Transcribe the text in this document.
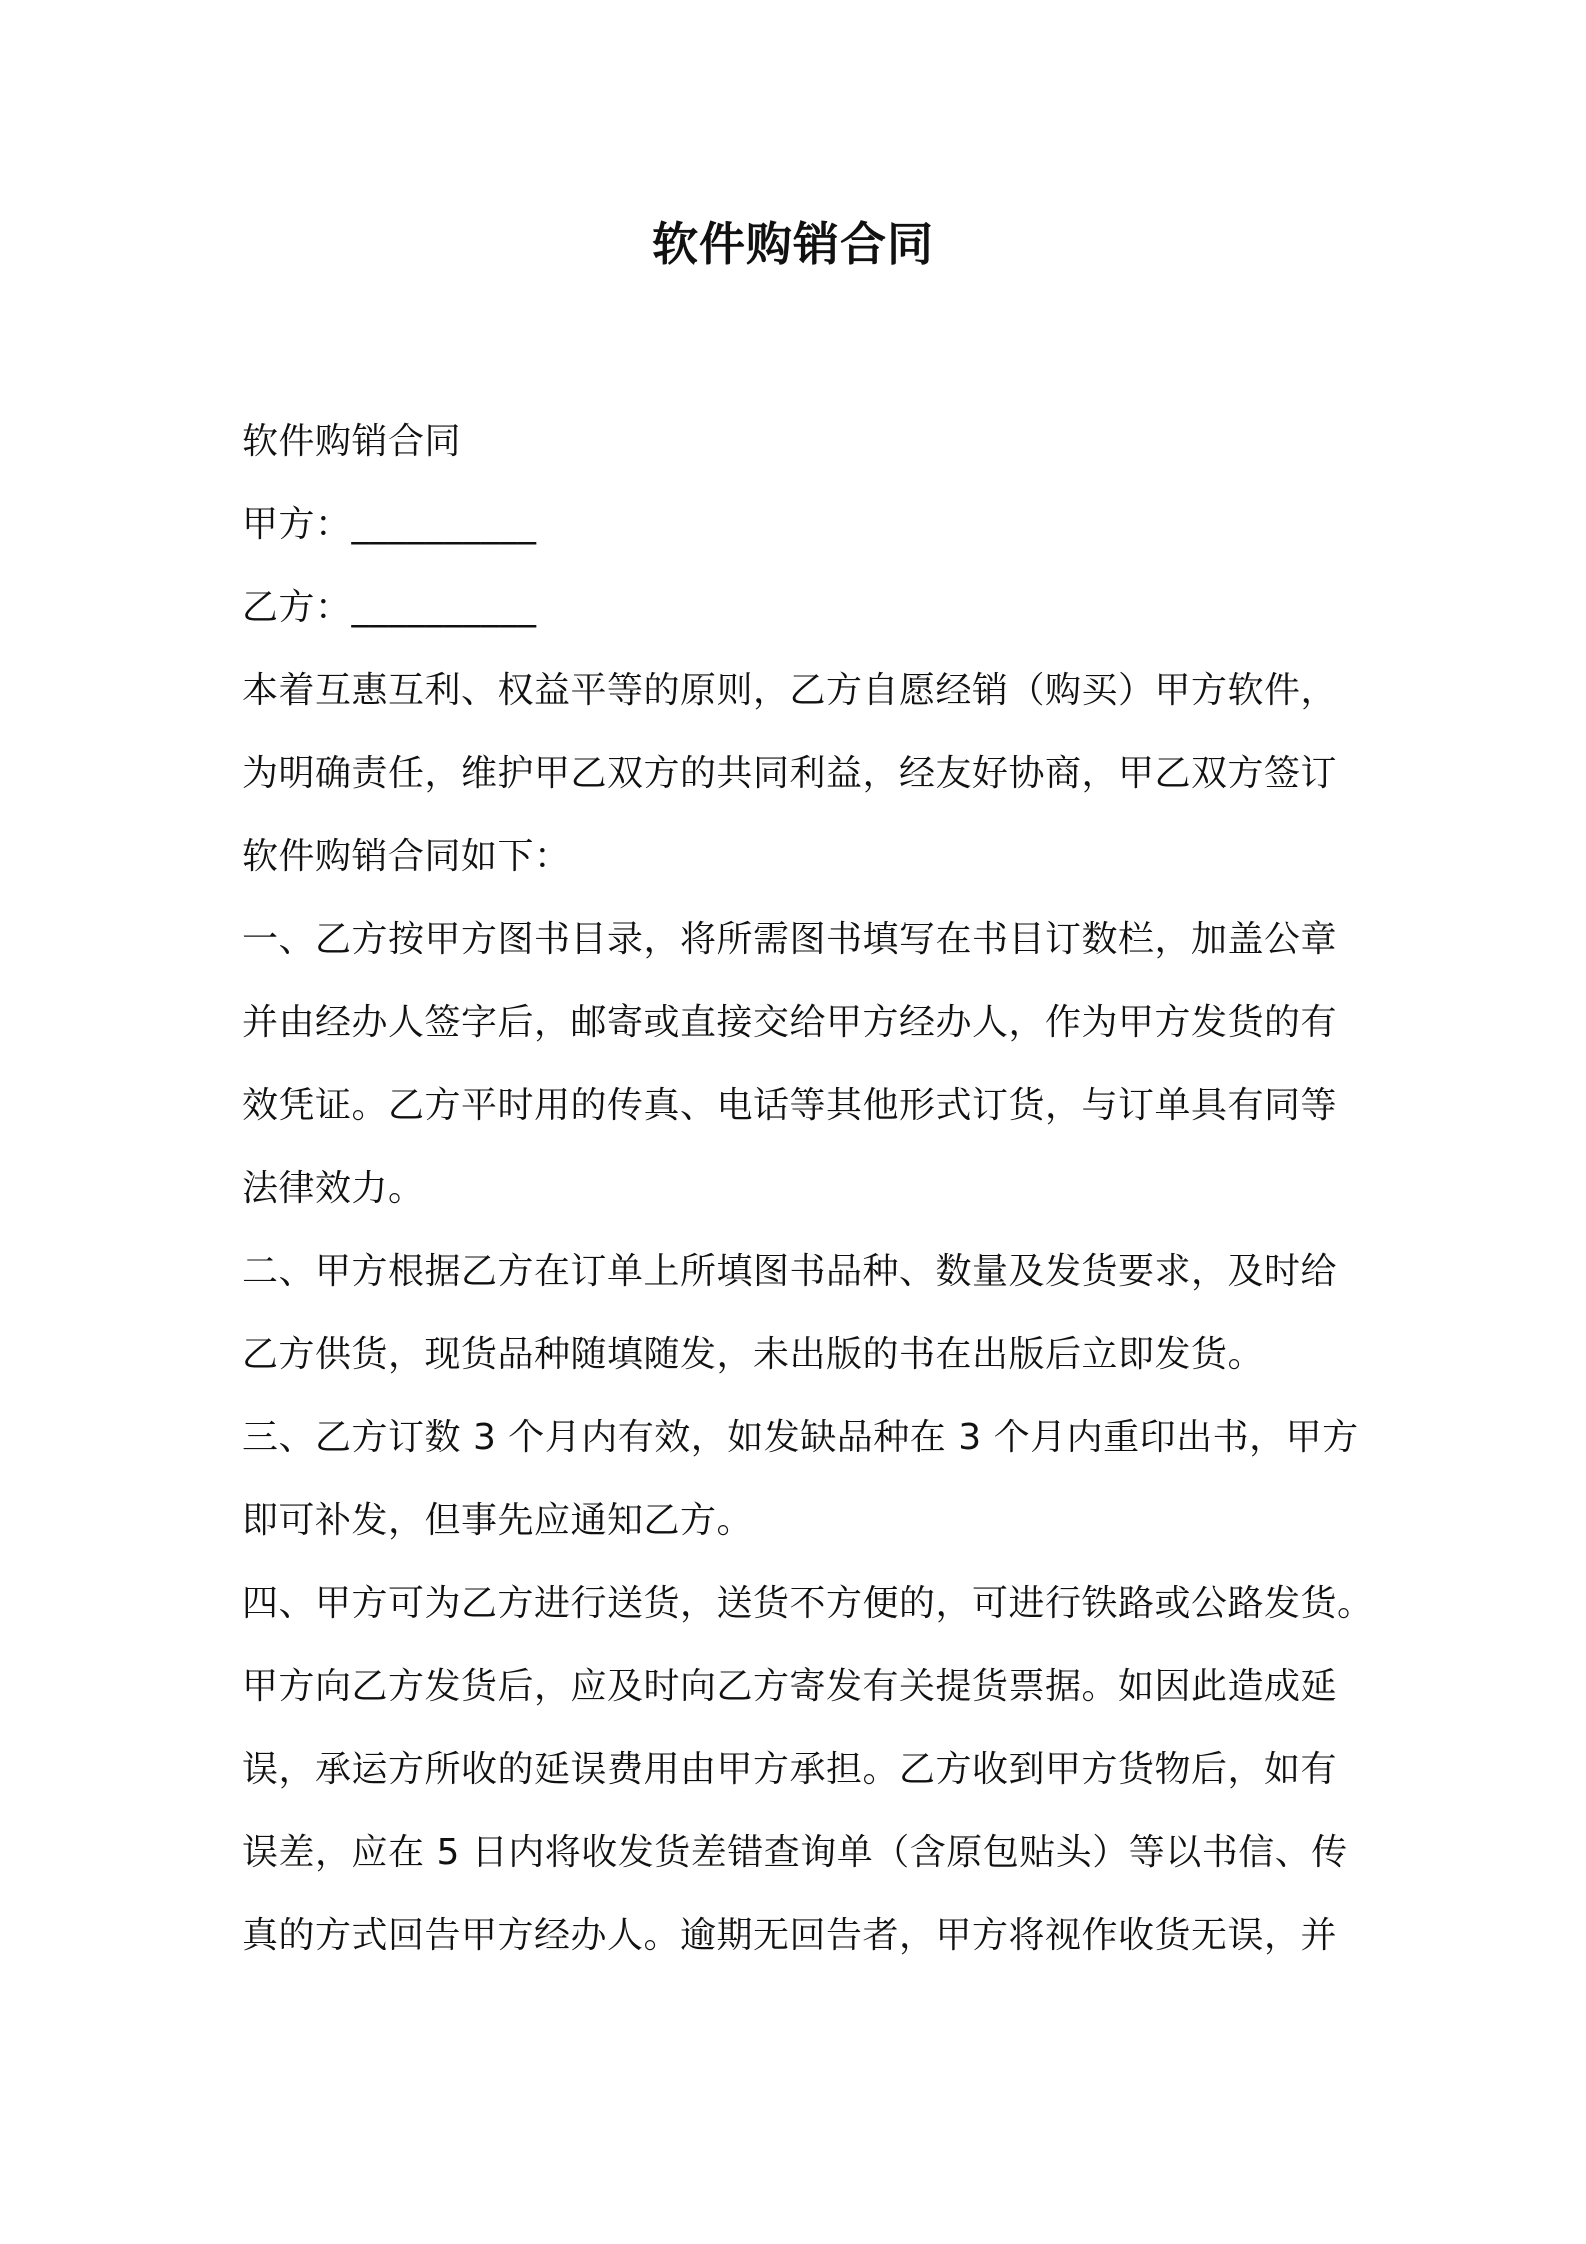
软件购销合同
软件购销合同
甲方：__________
乙方：__________
本着互惠互利、权益平等的原则，乙方自愿经销（购买）甲方软件，
为明确责任，维护甲乙双方的共同利益，经友好协商，甲乙双方签订
软件购销合同如下：
一、乙方按甲方图书目录，将所需图书填写在书目订数栏，加盖公章
并由经办人签字后，邮寄或直接交给甲方经办人，作为甲方发货的有
效凭证。乙方平时用的传真、电话等其他形式订货，与订单具有同等
法律效力。
二、甲方根据乙方在订单上所填图书品种、数量及发货要求，及时给
乙方供货，现货品种随填随发，未出版的书在出版后立即发货。
三、乙方订数 3 个月内有效，如发缺品种在 3 个月内重印出书，甲方
即可补发，但事先应通知乙方。
四、甲方可为乙方进行送货，送货不方便的，可进行铁路或公路发货。
甲方向乙方发货后，应及时向乙方寄发有关提货票据。如因此造成延
误，承运方所收的延误费用由甲方承担。乙方收到甲方货物后，如有
误差，应在 5 日内将收发货差错查询单（含原包贴头）等以书信、传
真的方式回告甲方经办人。逾期无回告者，甲方将视作收货无误，并
